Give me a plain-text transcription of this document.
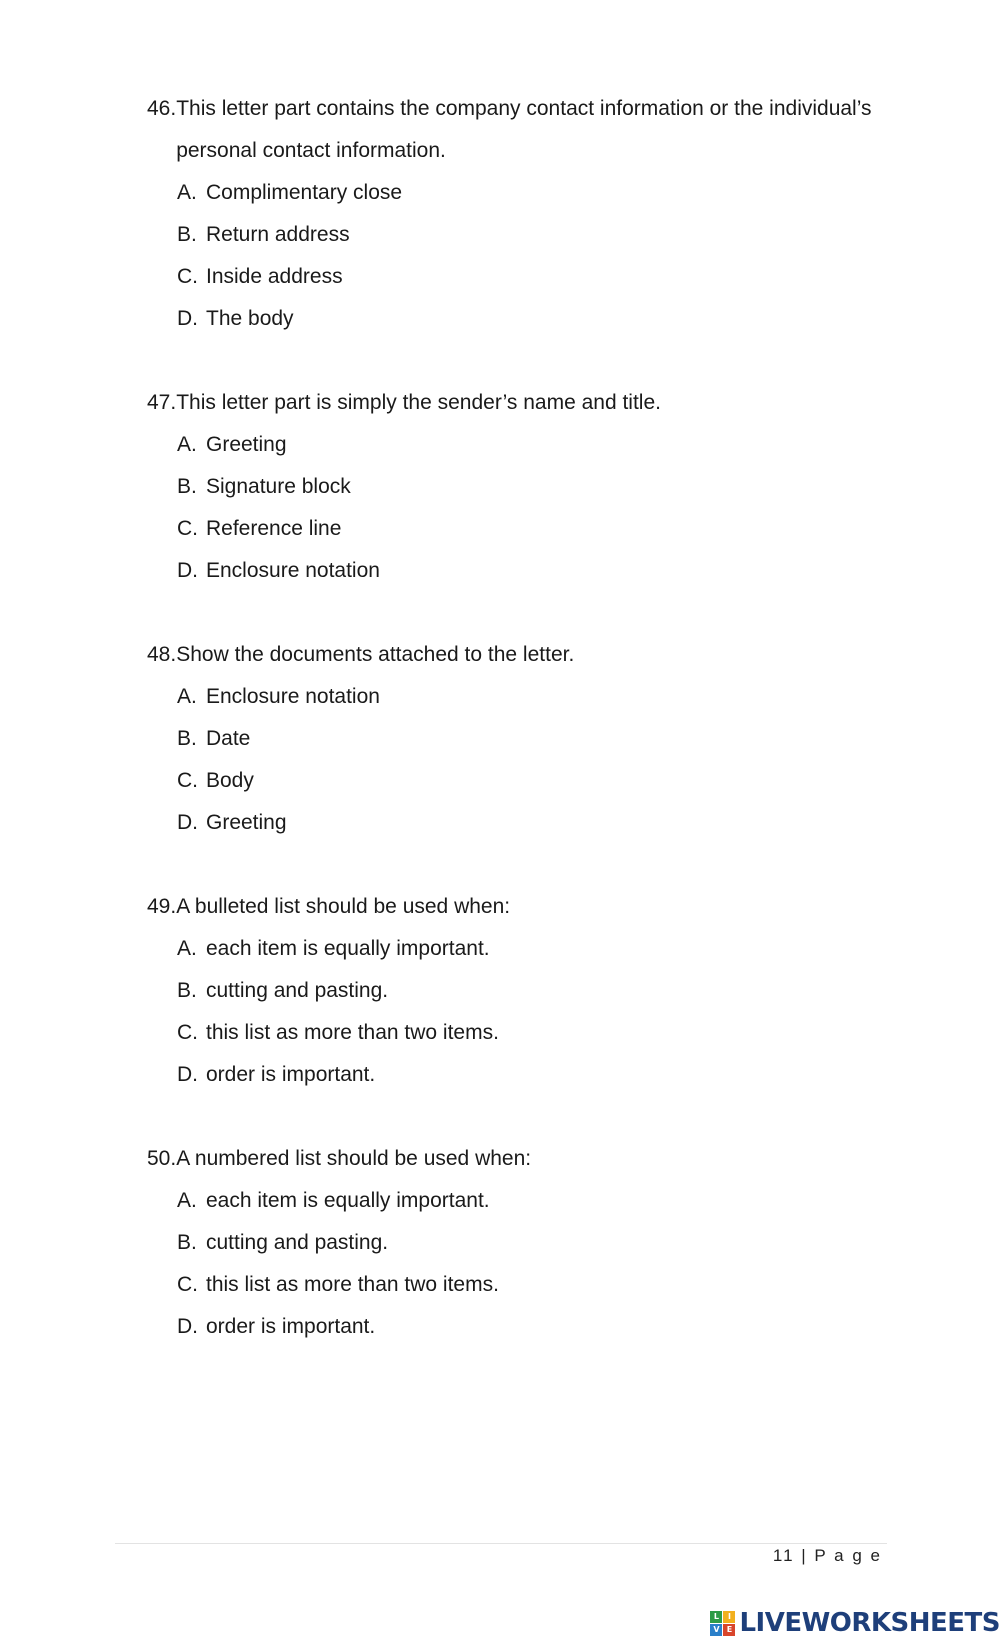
46. This letter part contains the company contact information or the individual’s personal contact information.

A. Complimentary close
B. Return address
C. Inside address
D. The body

47. This letter part is simply the sender’s name and title.

A. Greeting
B. Signature block
C. Reference line
D. Enclosure notation

48. Show the documents attached to the letter.

A. Enclosure notation
B. Date
C. Body
D. Greeting

49. A bulleted list should be used when:

A. each item is equally important.
B. cutting and pasting.
C. this list as more than two items.
D. order is important.

50. A numbered list should be used when:

A. each item is equally important.
B. cutting and pasting.
C. this list as more than two items.
D. order is important.
11 | P a g e
L	I
V E LIVEWORKSHEETS
